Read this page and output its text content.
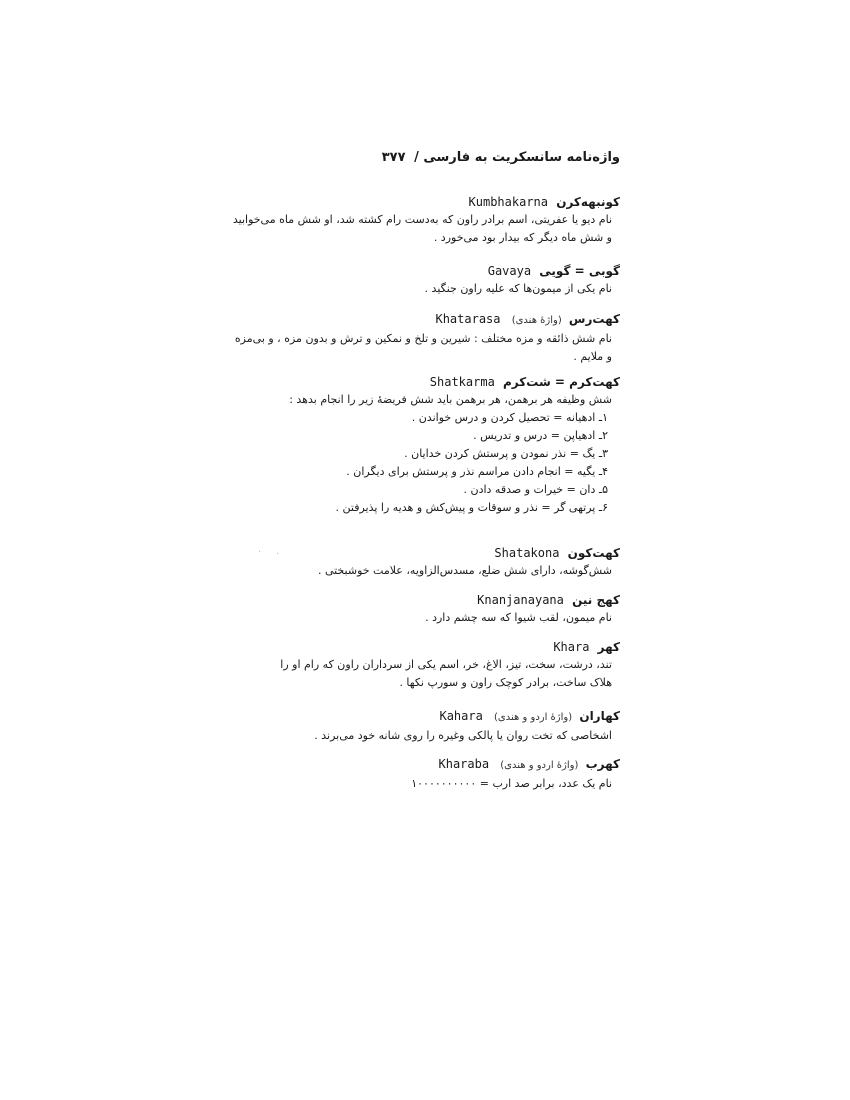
واژه‌نامه سانسکریت به فارسی / ۳۷۷
کونبهه‌کرن Kumbhakarna

نام دیو یا عفریتی، اسم برادر راون که به‌دست رام کشته شد، او شش ماه می‌خوابید

و شش ماه دیگر که بیدار بود می‌خورد .

گوبی = گویی Gavaya

نام یکی از میمون‌ها که علیه راون جنگید .

کهت‌رس (واژهٔ هندی) Khatarasa

نام شش ذائقه و مزه مختلف : شیرین و تلخ و نمکین و ترش و بدون مزه ، و بی‌مزه

و ملایم .

کهت‌کرم = شت‌کرم Shatkarma

شش وظیفه هر برهمن، هر برهمن باید شش فریضهٔ زیر را انجام بدهد :

۱ـ ادهیانه = تحصیل کردن و درس خواندن .

۲ـ ادهیاپن = درس و تدریس .

۳ـ یگ = نذر نمودن و پرستش کردن خدایان .

۴ـ یگیه = انجام دادن مراسم نذر و پرستش برای دیگران .

۵ـ دان = خیرات و صدقه دادن .

۶ـ پرتهی گر = نذر و سوقات و پیش‌کش و هدیه را پذیرفتن .

کهت‌کون Shatakona

شش‌گوشه، دارای شش ضلع، مسدس‌الزاویه، علامت خوشبختی .

کهج نین Knanjanayana

نام میمون، لقب شیوا که سه چشم دارد .

کهر Khara

تند، درشت، سخت، تیز، الاغ، خر، اسم یکی از سرداران راون که رام او را

هلاک ساخت، برادر کوچک راون و سورپ نکها .

کهاران (واژهٔ اردو و هندی) Kahara

اشخاصی که تخت روان یا پالکی وغیره را روی شانه خود می‌برند .

کهرب (واژهٔ اردو و هندی) Kharaba

نام یک عدد، برابر صد ارب = ۱۰۰۰۰۰۰۰۰۰۰

· ·
